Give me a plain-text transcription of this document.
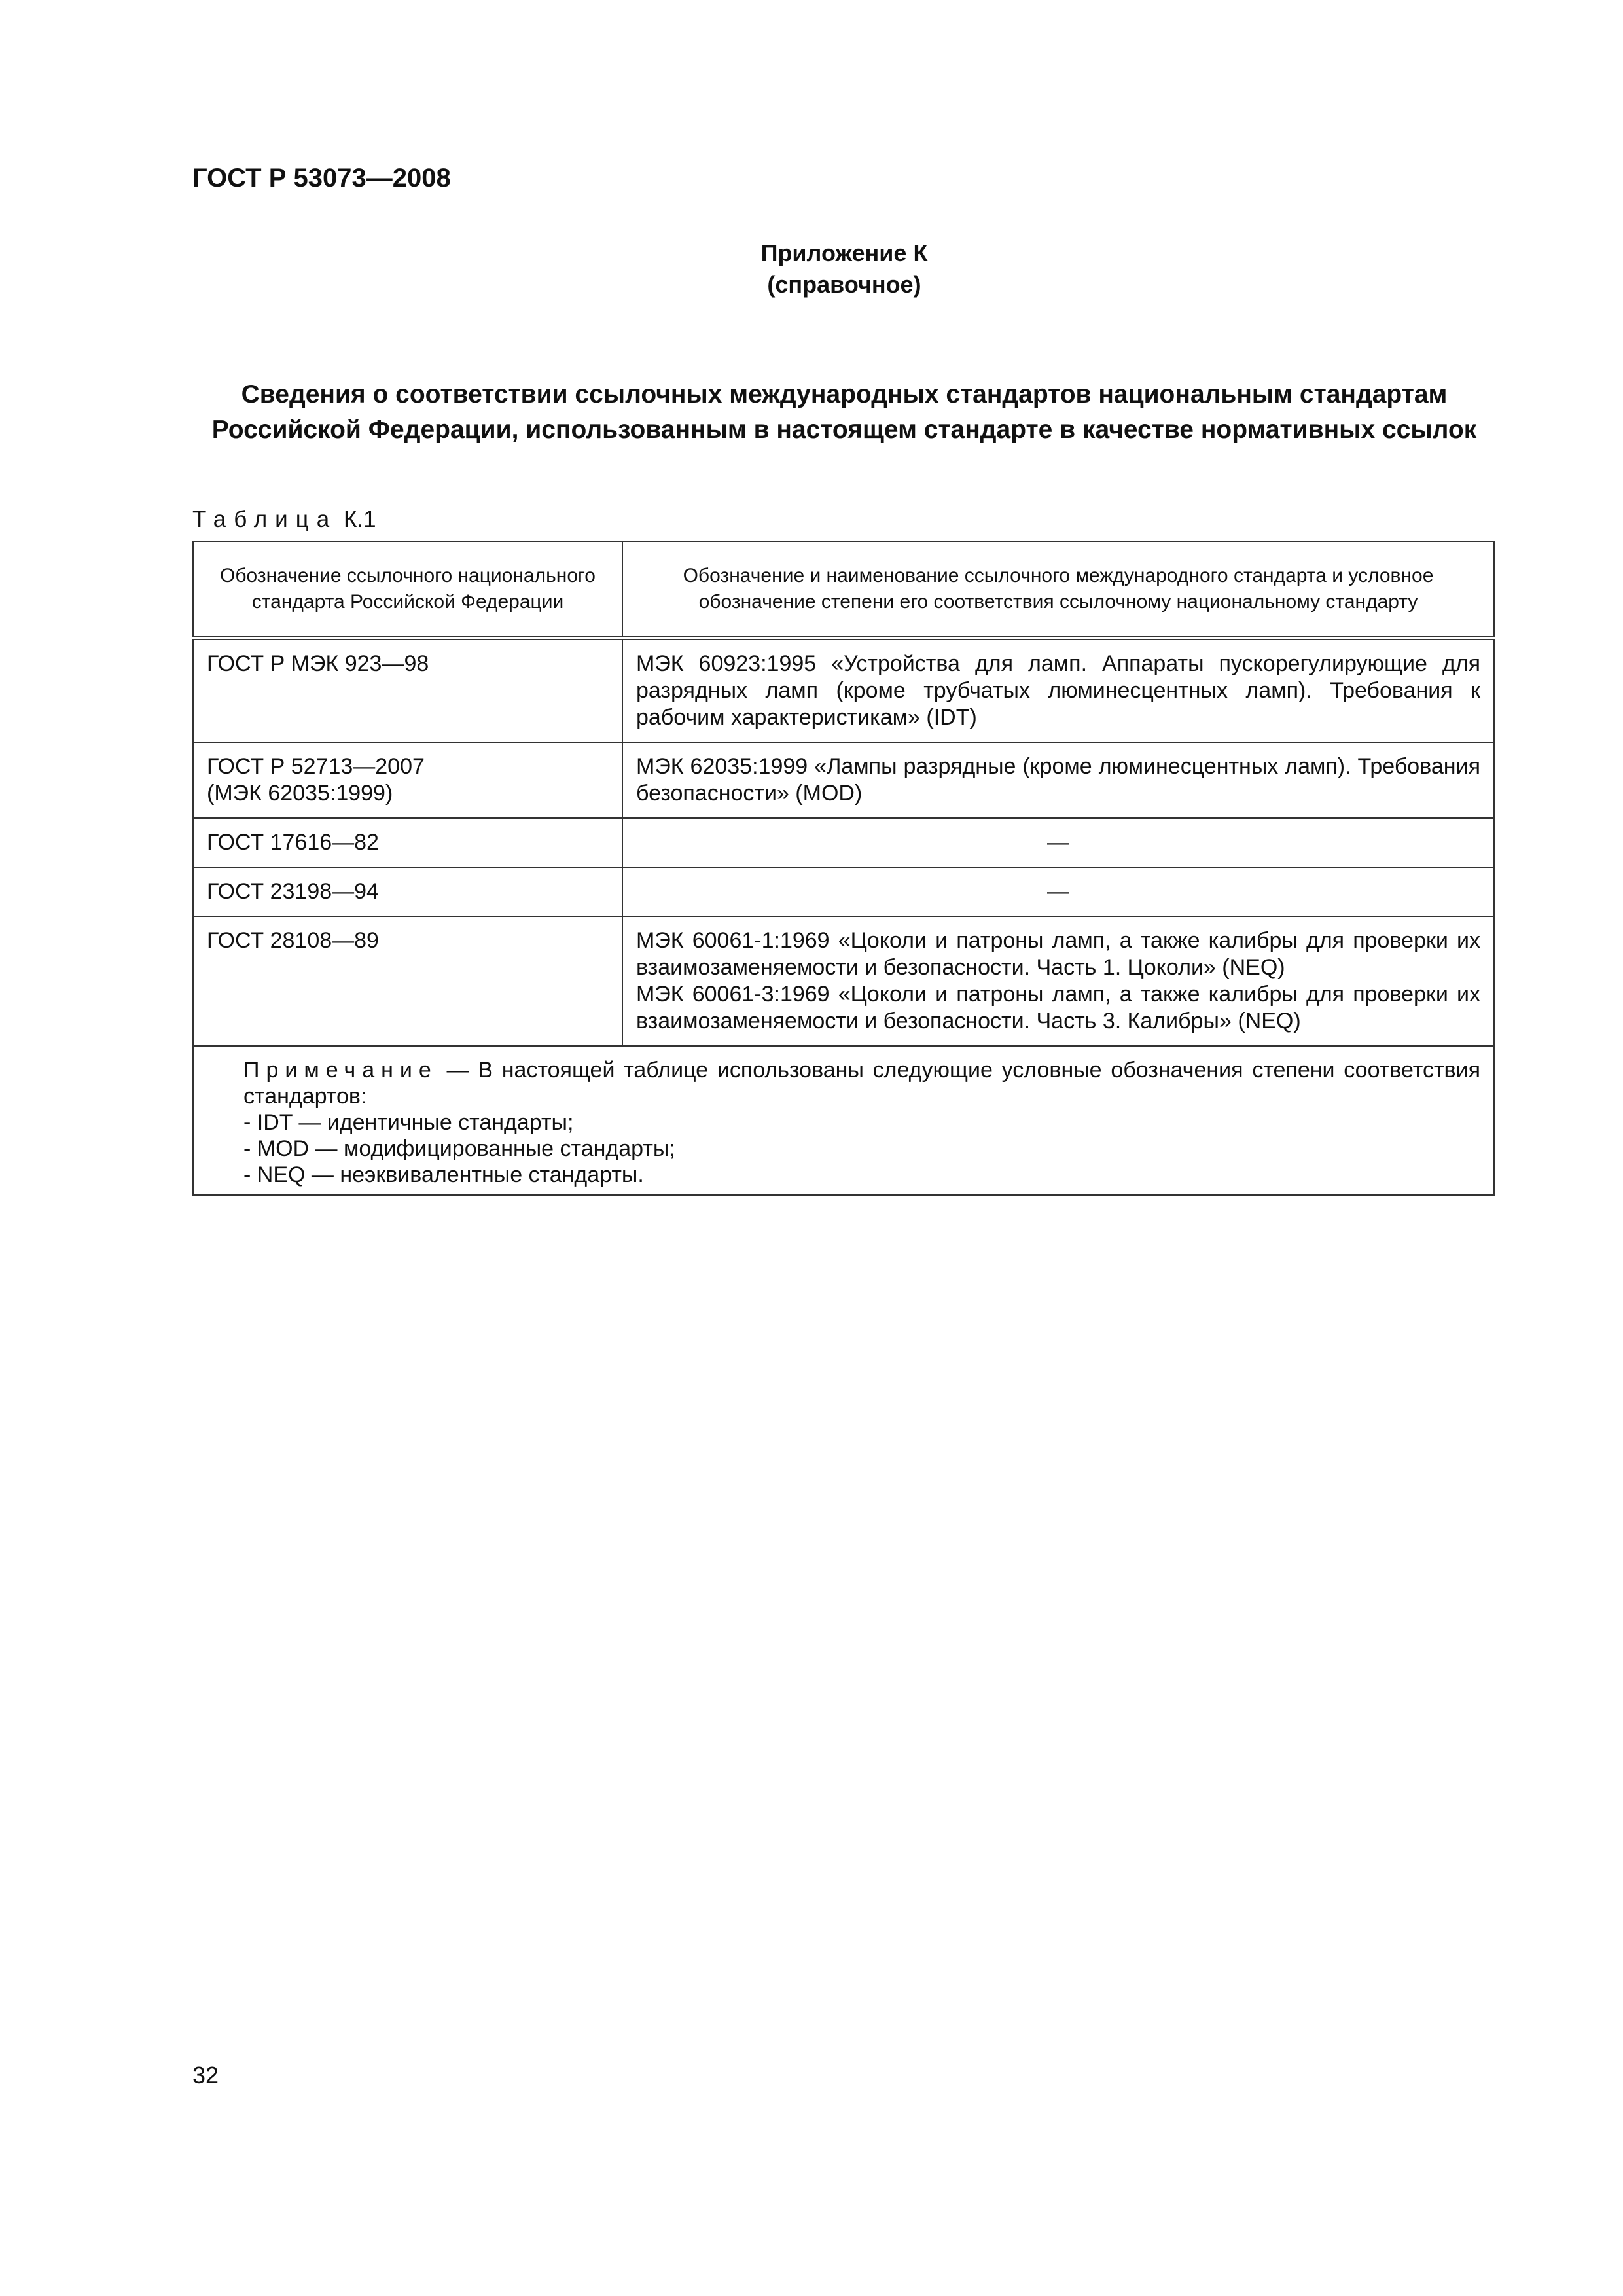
ГОСТ Р 53073—2008
Приложение К
(справочное)
Сведения о соответствии ссылочных международных стандартов национальным стандартам Российской Федерации, использованным в настоящем стандарте в качестве нормативных ссылок
Таблица К.1
Обозначение ссылочного национального стандарта Российской Федерации	Обозначение и наименование ссылочного международного стандарта и условное обозначение степени его соответствия ссылочному национальному стандарту

ГОСТ Р МЭК 923—98	МЭК 60923:1995 «Устройства для ламп. Аппараты пускорегулирующие для разрядных ламп (кроме трубчатых люминесцентных ламп). Требования к рабочим характеристикам» (IDT)

ГОСТ Р 52713—2007
(МЭК 62035:1999)	МЭК 62035:1999 «Лампы разрядные (кроме люминесцентных ламп). Требования безопасности» (MOD)

ГОСТ 17616—82	—

ГОСТ 23198—94	—

ГОСТ 28108—89	МЭК 60061-1:1969 «Цоколи и патроны ламп, а также калибры для проверки их взаимозаменяемости и безопасности. Часть 1. Цоколи» (NEQ)
МЭК 60061-3:1969 «Цоколи и патроны ламп, а также калибры для проверки их взаимозаменяемости и безопасности. Часть 3. Калибры» (NEQ)

Примечание — В настоящей таблице использованы следующие условные обозначения степени соответствия стандартов:
- IDT — идентичные стандарты;
- MOD — модифицированные стандарты;
- NEQ — неэквивалентные стандарты.	
32
